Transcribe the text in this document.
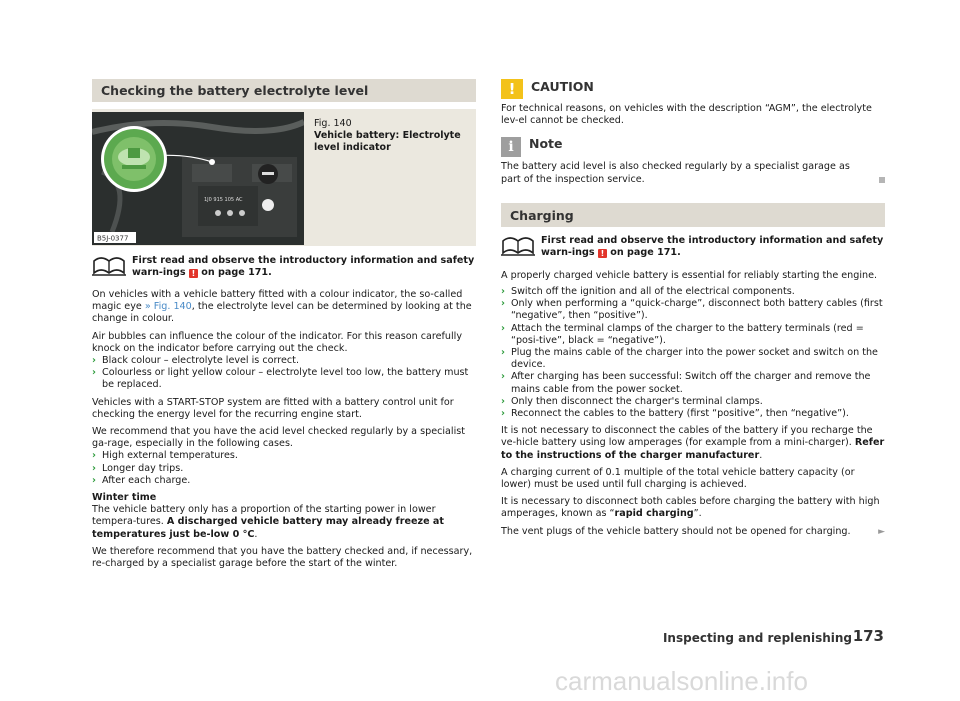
Checking the battery electrolyte level
1J0 915 105 AC
B5J-0377
Fig. 140
Vehicle battery: Electrolyte level indicator
First read and observe the introductory information and safety warn-ings ! on page 171.

On vehicles with a vehicle battery fitted with a colour indicator, the so-called magic eye » Fig. 140, the electrolyte level can be determined by looking at the change in colour.

Air bubbles can influence the colour of the indicator. For this reason carefully knock on the indicator before carrying out the check.

› Black colour – electrolyte level is correct.
› Colourless or light yellow colour – electrolyte level too low, the battery must be replaced.

Vehicles with a START-STOP system are fitted with a battery control unit for checking the energy level for the recurring engine start.

We recommend that you have the acid level checked regularly by a specialist ga-rage, especially in the following cases.

› High external temperatures.
› Longer day trips.
› After each charge.

Winter time

The vehicle battery only has a proportion of the starting power in lower tempera-tures. A discharged vehicle battery may already freeze at temperatures just be-low 0 °C.

We therefore recommend that you have the battery checked and, if necessary, re-charged by a specialist garage before the start of the winter.

! CAUTION

For technical reasons, on vehicles with the description “AGM”, the electrolyte lev-el cannot be checked.

i Note

The battery acid level is also checked regularly by a specialist garage as part of the inspection service.

Charging
First read and observe the introductory information and safety warn-ings ! on page 171.

A properly charged vehicle battery is essential for reliably starting the engine.

› Switch off the ignition and all of the electrical components.
› Only when performing a “quick-charge”, disconnect both battery cables (first “negative”, then “positive”).
› Attach the terminal clamps of the charger to the battery terminals (red = “posi-tive”, black = “negative”).
› Plug the mains cable of the charger into the power socket and switch on the device.
› After charging has been successful: Switch off the charger and remove the mains cable from the power socket.
› Only then disconnect the charger's terminal clamps.
› Reconnect the cables to the battery (first “positive”, then “negative”).

It is not necessary to disconnect the cables of the battery if you recharge the ve-hicle battery using low amperages (for example from a mini-charger). Refer to the instructions of the charger manufacturer.

A charging current of 0.1 multiple of the total vehicle battery capacity (or lower) must be used until full charging is achieved.

It is necessary to disconnect both cables before charging the battery with high amperages, known as “rapid charging”.

The vent plugs of the vehicle battery should not be opened for charging.	►

Inspecting and replenishing 173
carmanualsonline.info
